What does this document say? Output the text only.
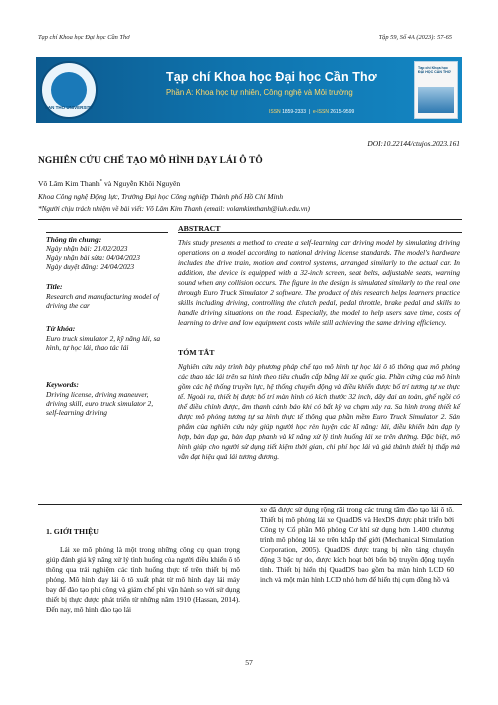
Tạp chí Khoa học Đại học Cần Thơ	Tập 59, Số 4A (2023): 57-65
CAN THO UNIVERSITY
Tạp chí Khoa học Đại học Cần Thơ
Phần A: Khoa học tự nhiên, Công nghệ và Môi trường
ISSN 1859-2333  |  e-ISSN 2615-9599
Tạp chí Khoa học ĐẠI HỌC CẦN THƠ
DOI:10.22144/ctujos.2023.161
NGHIÊN CỨU CHẾ TẠO MÔ HÌNH DẠY LÁI Ô TÔ
Võ Lâm Kim Thanh* và Nguyễn Khôi Nguyên
Khoa Công nghệ Động lực, Trường Đại học Công nghiệp Thành phố Hồ Chí Minh
*Người chịu trách nhiệm về bài viết: Võ Lâm Kim Thanh (email: volamkimthanh@iuh.edu.vn)
ABSTRACT
This study presents a method to create a self-learning car driving model by simulating driving operations on a model according to national driving license standards. The model's hardware includes the drive train, motion and control systems, arranged similarly to the actual car. In addition, the device is equipped with a 32-inch screen, seat belts, adjustable seats, warning sound when any collision occurs. The figure in the design is simulated similarly to the real one through Euro Truck Simulator 2 software. The product of this research helps learners practice skills including driving, controlling the clutch pedal, pedal throttle, brake pedal and skills to handle driving situations on the road. Especially, the model to help users save time, costs of learning to drive and low equipment costs while still achieving the same driving efficiency.
TÓM TẮT
Nghiên cứu này trình bày phương pháp chế tạo mô hình tự học lái ô tô thông qua mô phỏng các thao tác lái trên sa hình theo tiêu chuẩn cấp bằng lái xe quốc gia. Phần cứng của mô hình gồm các hệ thống truyền lực, hệ thống chuyển động và điều khiển được bố trí tương tự xe thực tế. Ngoài ra, thiết bị được bố trí màn hình có kích thước 32 inch, dây đai an toàn, ghế ngồi có thể điều chỉnh được, âm thanh cảnh báo khi có bất kỳ va chạm xảy ra. Sa hình trong thiết kế được mô phỏng tương tự sa hình thực tế thông qua phần mềm Euro Truck Simulator 2. Sản phẩm của nghiên cứu này giúp người học rèn luyện các kĩ năng: lái, điều khiển bàn đạp ly hợp, bàn đạp ga, bàn đạp phanh và kĩ năng xử lý tình huống lái xe trên đường. Đặc biệt, mô hình giúp cho người sử dụng tiết kiệm thời gian, chi phí học lái và giá thành thiết bị thấp mà vẫn đạt hiệu quả lái tương đương.
Thông tin chung:
Ngày nhận bài: 21/02/2023
Ngày nhận bài sửa: 04/04/2023
Ngày duyệt đăng: 24/04/2023
Title:
Research and manufacturing model of driving the car
Từ khóa:
Euro truck simulator 2, kỹ năng lái, sa hình, tự học lái, thao tác lái
Keywords:
Driving license, driving maneuver, driving skill, euro truck simulator 2, self-learning driving
1. GIỚI THIỆU
Lái xe mô phỏng là một trong những công cụ quan trọng giúp đánh giá kỹ năng xử lý tình huống của người điều khiển ô tô thông qua trải nghiệm các tình huống thực tế trên thiết bị mô phỏng. Mô hình dạy lái ô tô xuất phát từ mô hình dạy lái máy bay để đào tạo phi công và giám chế phi vận hành so với sử dụng thiết bị thực được phát triển từ những năm 1910 (Hassan, 2014). Đến nay, mô hình đào tạo lái
xe đã được sử dụng rộng rãi trong các trung tâm đào tạo lái ô tô. Thiết bị mô phỏng lái xe QuadDS và HexDS được phát triển bởi Công ty Cổ phần Mô phỏng Cơ khí sử dụng hơn 1.400 chương trình mô phỏng lái xe trên khắp thế giới (Mechanical Simulation Corporation, 2005). QuadDS được trang bị nền tảng chuyển động 3 bậc tự do, được kích hoạt bởi bốn bộ truyền động tuyến tính. Thiết bị hiển thị QuadDS bao gồm ba màn hình LCD 60 inch và một màn hình LCD nhỏ hơn để hiển thị cụm đồng hồ và
57
